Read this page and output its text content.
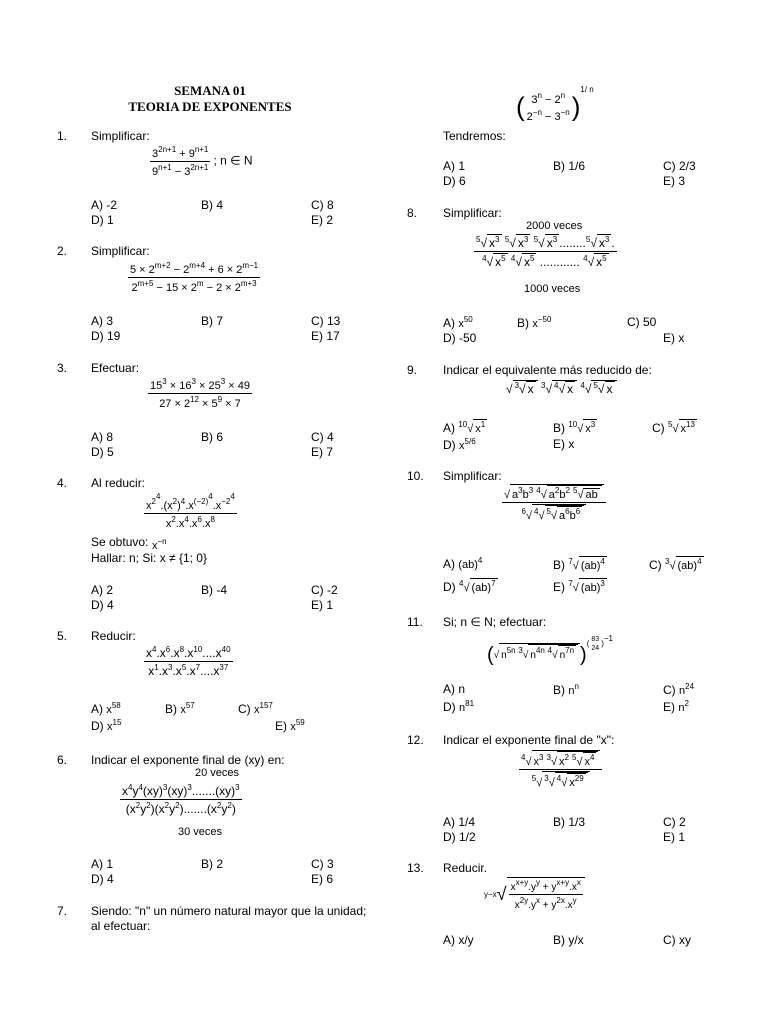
SEMANA 01
TEORIA DE EXPONENTES
1. Simplificar:
$\frac{3^{2n+1} + 9^{n+1}}{9^{n+1} - 3^{2n+1}}$ ; n ∈ N
A) -2	B) 4	C) 8
D) 1	E) 2
2. Simplificar:
$\frac{5 \times 2^{m+2} - 2^{m+4} + 6 \times 2^{m-1}}{2^{m+5} - 15 \times 2^m - 2 \times 2^{m+3}}$
A) 3	B) 7	C) 13
D) 19	E) 17
3. Efectuar:
$\frac{15^3 \times 16^3 \times 25^3 \times 49}{27 \times 2^{12} \times 5^9 \times 7}$
A) 8	B) 6	C) 4
D) 5	E) 7
4. Al reducir:
$\frac{x^{2^4}.(x^2)^4.x^{(-2)^4}.x^{-2^4}}{x^2.x^4.x^6.x^8}$
Se obtuvo: $x^{-n}$
Hallar: n; Si: x ≠ {1; 0}
A) 2	B) -4	C) -2
D) 4	E) 1
5. Reducir:
$\frac{x^4.x^6.x^8.x^{10}....x^{40}}{x^1.x^3.x^5.x^7....x^{37}}$
A) $x^{58}$	B) $x^{57}$	C) $x^{157}$
D) $x^{15}$	E) $x^{59}$
6. Indicar el exponente final de (xy) en:
20 veces
$\frac{x^4y^4(xy)^3(xy)^3.......(xy)^3}{(x^2y^2)(x^2y^2).......(x^2y^2)}$
30 veces
A) 1	B) 2	C) 3
D) 4	E) 6
7. Siendo: "n" un número natural mayor que la unidad;
al efectuar:
( $3^n - 2^n$
$2^{-n} - 3^{-n}$ )$^{1/ n}$
Tendremos:
A) 1	B) 1/6	C) 2/3
D) 6	E) 3
8. Simplificar:
2000 veces
$\frac{^5√ x^3 ^5√ x^3 ^5√ x^3 ........^5√ x^3 .}{^4√ x^5 ^4√ x^5 ............ ^4√ x^5}$
1000 veces
A) $x^{50}$	B) $x^{-50}$	C) 50
D) -50	E) x
9. Indicar el equivalente más reducido de:
√ $^3$√ x $^3$√ $^4$√ x $^4$√ $^5$√ x
A) $^{10}$√ $x^1$	B) $^{10}$√ $x^3$	C) $^5$√ $x^{13}$
D) $x^{5/6}$	E) x
10. Simplificar:
$\frac{√ a^3b^3 ^4√ a^2b^2 ^5√ ab}{^6√ ^4√ ^5√ a^6b^6}$
A) (ab)$^4$	B) $^7$√ (ab)$^4$	C) $^3$√ (ab)$^4$
D) $^4$√ (ab)$^7$	E) $^7$√ (ab)$^3$
11. Si; n ∈ N; efectuar:
(√ $n^{5n}$ $^3$√ $n^{4n}$ $^4$√ $n^{7n}$ )$^{( 83 24 )^{-1}}$
A) n	B) $n^n$	C) $n^{24}$
D) $n^{81}$	E) $n^2$
12. Indicar el exponente final de "x":
$\frac{^4√ x^3 ^3√ x^2 ^5√ x^4}{^5√ ^3√ ^4√ x^{29}}$
A) 1/4	B) 1/3	C) 2
D) 1/2	E) 1
13. Reducir.
$y-x√ \frac{x^{x+y}.y^y + y^{x+y}.x^x}{x^{2y}.y^x + y^{2x}.x^y}$
A) x/y	B) y/x	C) xy
